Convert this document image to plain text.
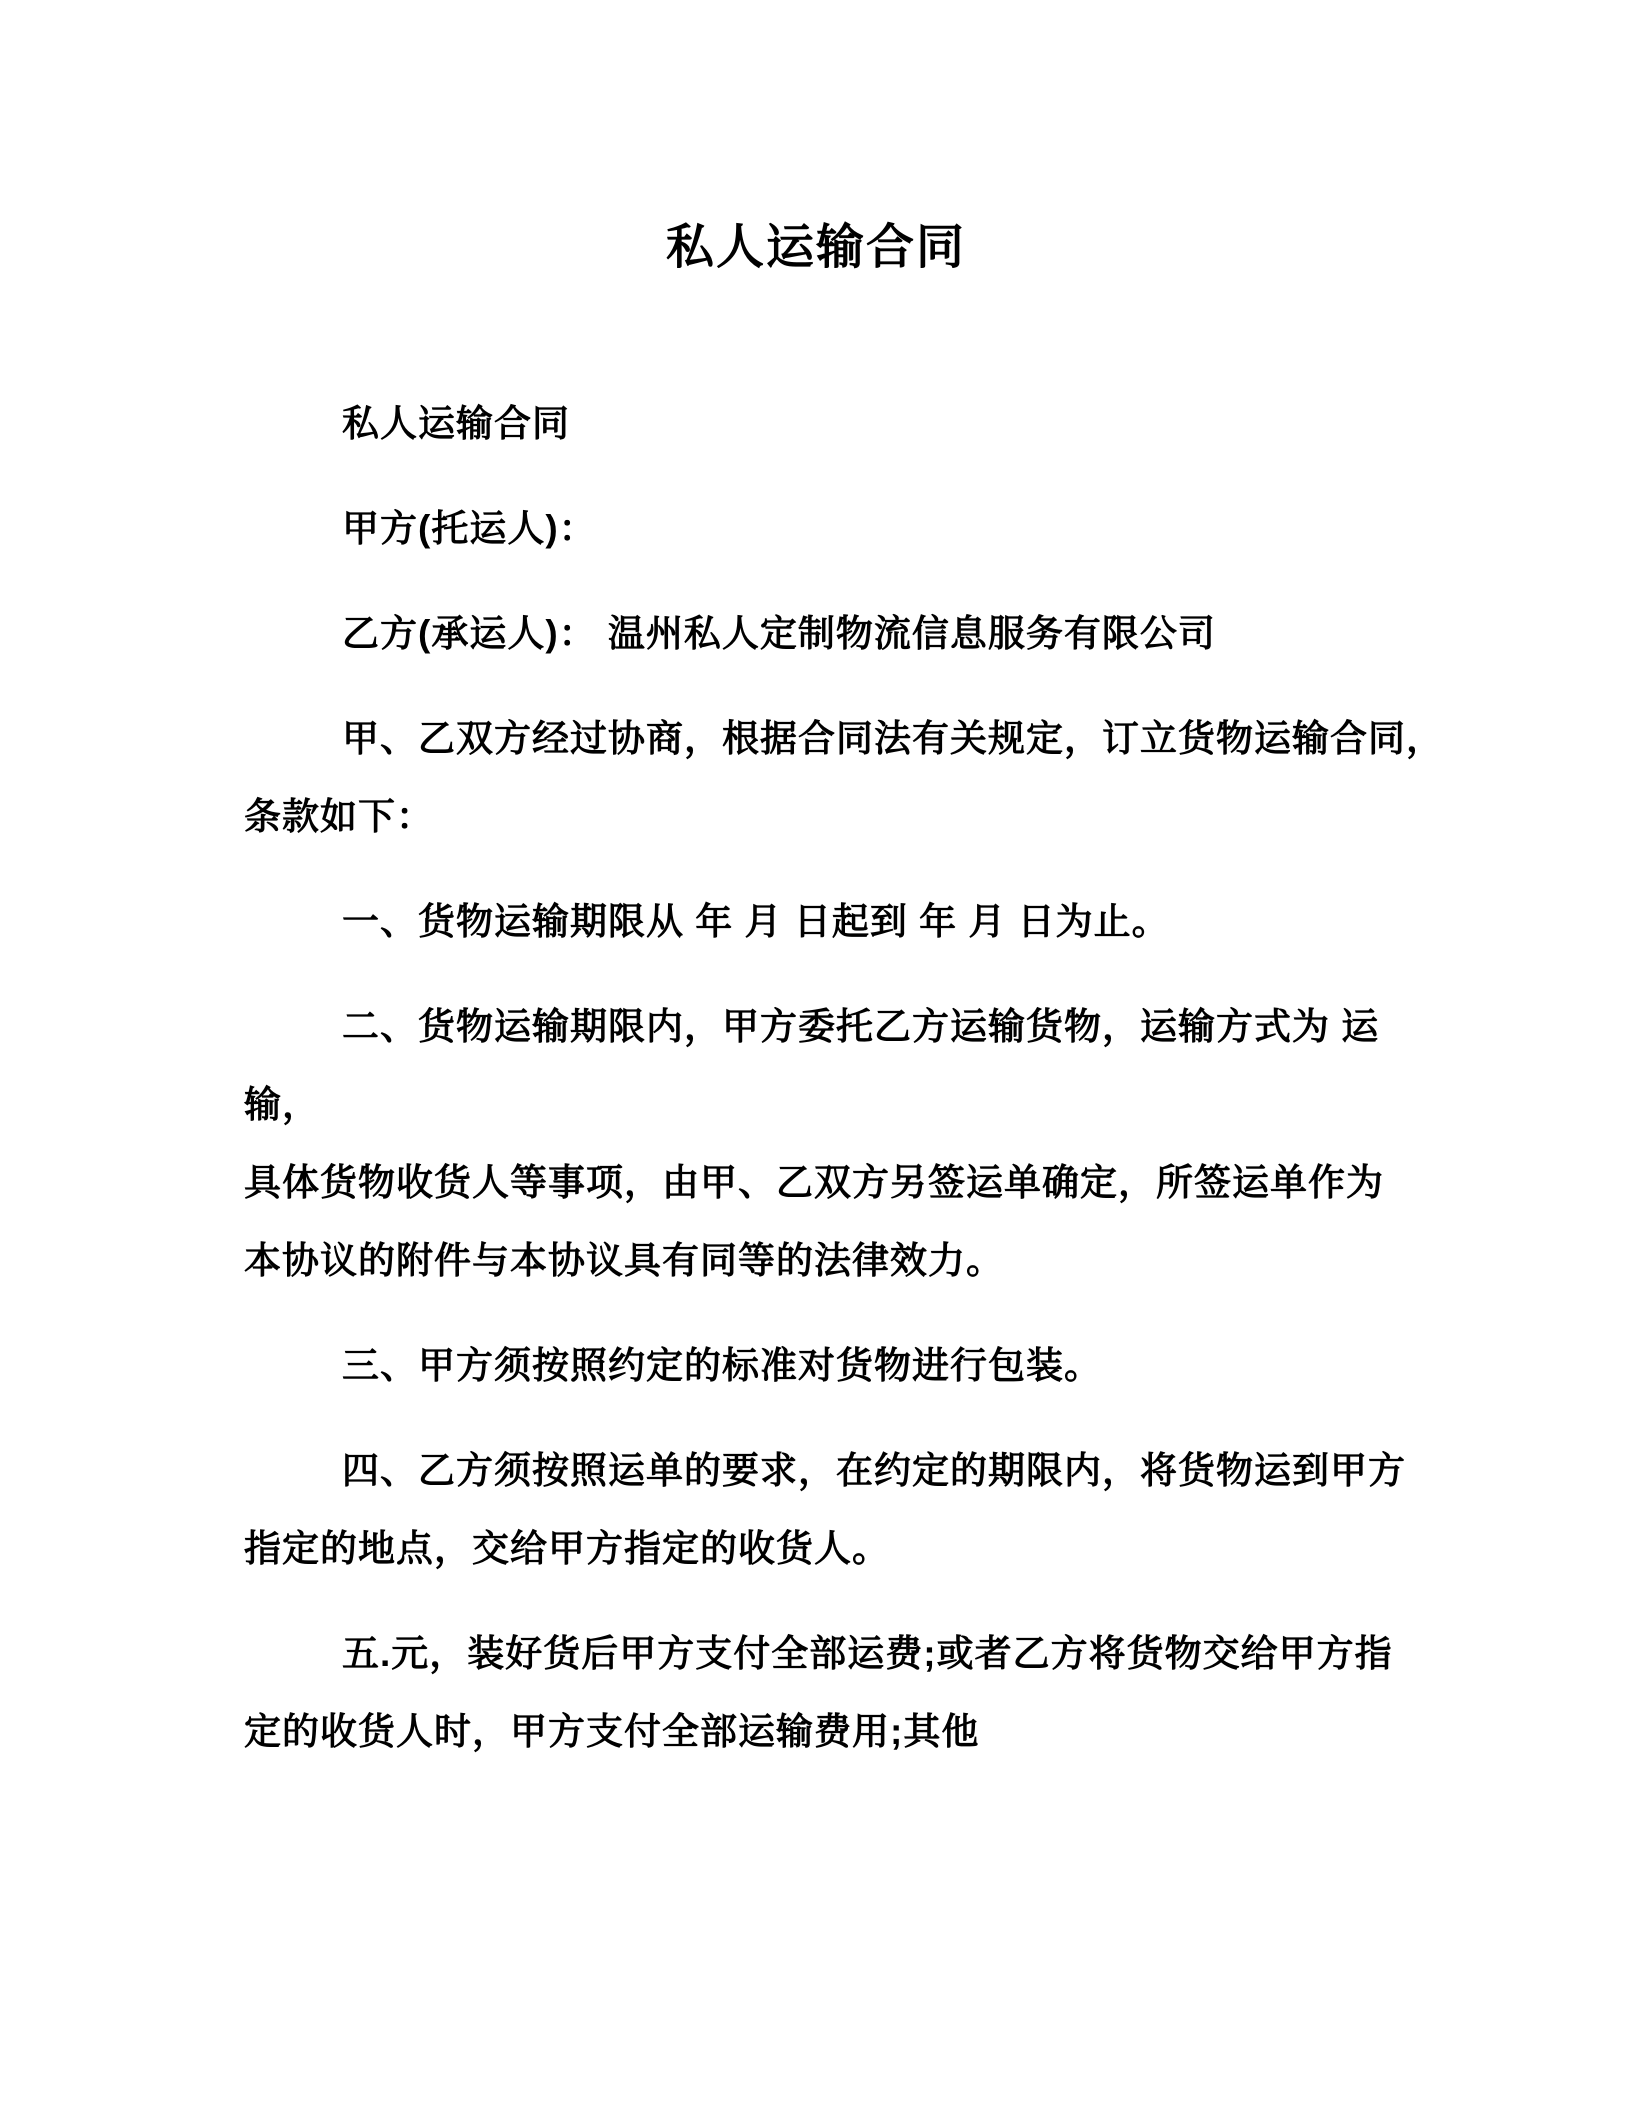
私人运输合同
私人运输合同
甲方(托运人)：
乙方(承运人)： 温州私人定制物流信息服务有限公司
甲、乙双方经过协商，根据合同法有关规定，订立货物运输合同，
条款如下：
一、货物运输期限从 年 月 日起到 年 月 日为止。
二、货物运输期限内，甲方委托乙方运输货物，运输方式为 运输，
具体货物收货人等事项，由甲、乙双方另签运单确定，所签运单作为
本协议的附件与本协议具有同等的法律效力。
三、甲方须按照约定的标准对货物进行包装。
四、乙方须按照运单的要求，在约定的期限内，将货物运到甲方
指定的地点，交给甲方指定的收货人。
五.元，装好货后甲方支付全部运费;或者乙方将货物交给甲方指
定的收货人时，甲方支付全部运输费用;其他
